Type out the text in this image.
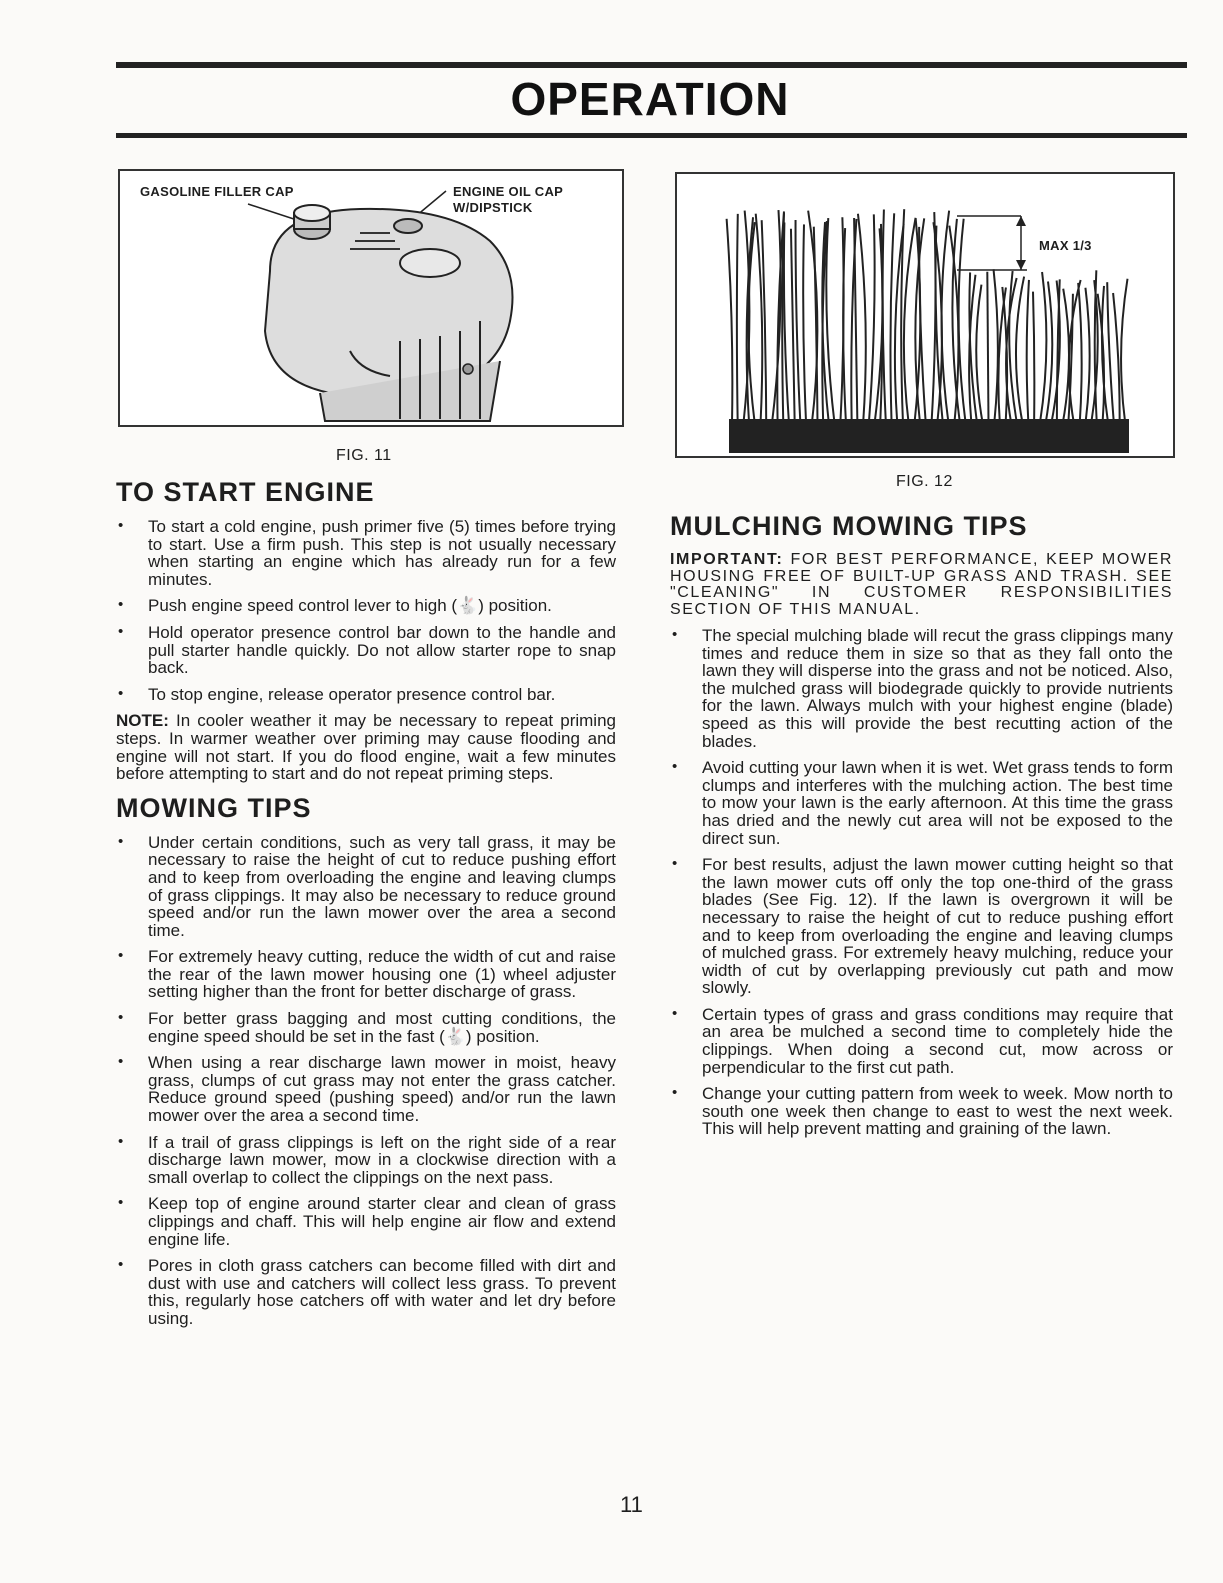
OPERATION
GASOLINE FILLER CAP	ENGINE OIL CAP
W/DIPSTICK
FIG. 11
MAX 1/3
FIG. 12
TO START ENGINE
• To start a cold engine, push primer five (5) times before trying to start. Use a firm push. This step is not usually necessary when starting an engine which has already run for a few minutes.
• Push engine speed control lever to high (🐇) position.
• Hold operator presence control bar down to the handle and pull starter handle quickly. Do not allow starter rope to snap back.
• To stop engine, release operator presence control bar.

NOTE: In cooler weather it may be necessary to repeat priming steps. In warmer weather over priming may cause flooding and engine will not start. If you do flood engine, wait a few minutes before attempting to start and do not repeat priming steps.

MOWING TIPS
• Under certain conditions, such as very tall grass, it may be necessary to raise the height of cut to reduce pushing effort and to keep from overloading the engine and leaving clumps of grass clippings. It may also be necessary to reduce ground speed and/or run the lawn mower over the area a second time.
• For extremely heavy cutting, reduce the width of cut and raise the rear of the lawn mower housing one (1) wheel adjuster setting higher than the front for better discharge of grass.
• For better grass bagging and most cutting conditions, the engine speed should be set in the fast (🐇) position.
• When using a rear discharge lawn mower in moist, heavy grass, clumps of cut grass may not enter the grass catcher. Reduce ground speed (pushing speed) and/or run the lawn mower over the area a second time.
• If a trail of grass clippings is left on the right side of a rear discharge lawn mower, mow in a clockwise direction with a small overlap to collect the clippings on the next pass.
• Keep top of engine around starter clear and clean of grass clippings and chaff. This will help engine air flow and extend engine life.
• Pores in cloth grass catchers can become filled with dirt and dust with use and catchers will collect less grass. To prevent this, regularly hose catchers off with water and let dry before using.
MULCHING MOWING TIPS

IMPORTANT: FOR BEST PERFORMANCE, KEEP MOWER HOUSING FREE OF BUILT-UP GRASS AND TRASH. SEE "CLEANING" IN CUSTOMER RESPONSIBILITIES SECTION OF THIS MANUAL.

• The special mulching blade will recut the grass clippings many times and reduce them in size so that as they fall onto the lawn they will disperse into the grass and not be noticed. Also, the mulched grass will biodegrade quickly to provide nutrients for the lawn. Always mulch with your highest engine (blade) speed as this will provide the best recutting action of the blades.
• Avoid cutting your lawn when it is wet. Wet grass tends to form clumps and interferes with the mulching action. The best time to mow your lawn is the early afternoon. At this time the grass has dried and the newly cut area will not be exposed to the direct sun.
• For best results, adjust the lawn mower cutting height so that the lawn mower cuts off only the top one-third of the grass blades (See Fig. 12). If the lawn is overgrown it will be necessary to raise the height of cut to reduce pushing effort and to keep from overloading the engine and leaving clumps of mulched grass. For extremely heavy mulching, reduce your width of cut by overlapping previously cut path and mow slowly.
• Certain types of grass and grass conditions may require that an area be mulched a second time to completely hide the clippings. When doing a second cut, mow across or perpendicular to the first cut path.
• Change your cutting pattern from week to week. Mow north to south one week then change to east to west the next week. This will help prevent matting and graining of the lawn.
11
